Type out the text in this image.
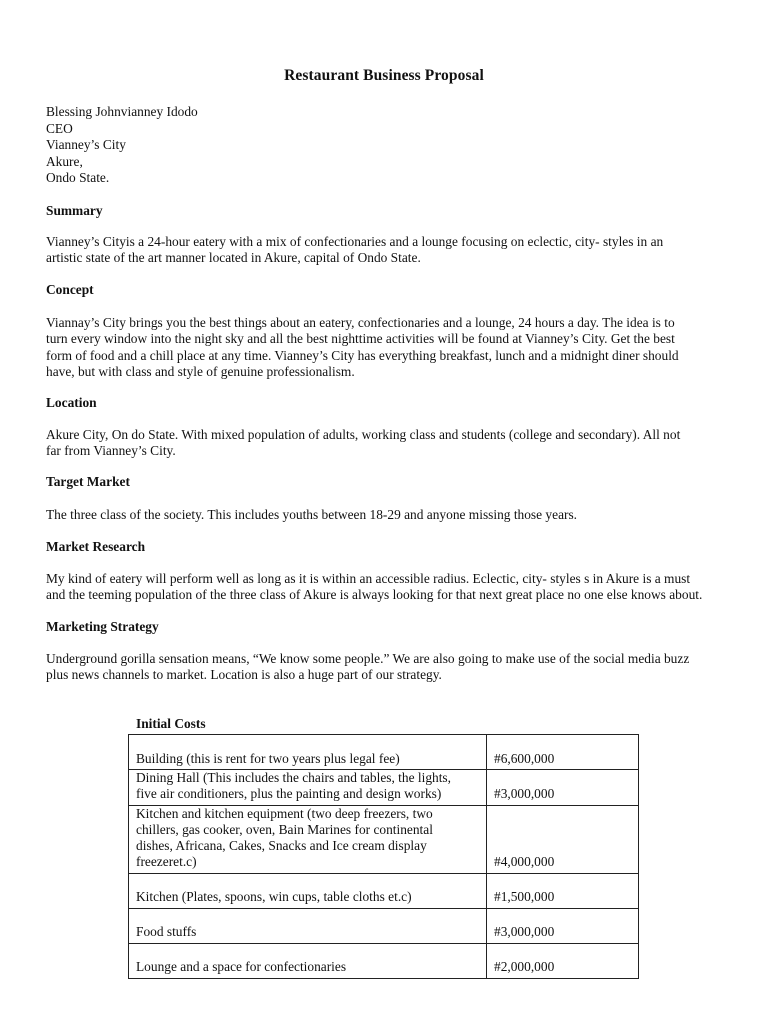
Restaurant Business Proposal
Blessing Johnvianney Idodo
CEO
Vianney’s City
Akure,
Ondo State.
Summary
Vianney’s Cityis a 24-hour eatery with a mix of confectionaries and a lounge focusing on eclectic, city- styles in an
artistic state of the art manner located in Akure, capital of Ondo State.
Concept
Viannay’s City brings you the best things about an eatery, confectionaries and a lounge, 24 hours a day. The idea is to
turn every window into the night sky and all the best nighttime activities will be found at Vianney’s City. Get the best
form of food and a chill place at any time. Vianney’s City has everything breakfast, lunch and a midnight diner should
have, but with class and style of genuine professionalism.
Location
Akure City, On do State. With mixed population of adults, working class and students (college and secondary). All not
far from Vianney’s City.
Target Market
The three class of the society. This includes youths between 18-29 and anyone missing those years.
Market Research
My kind of eatery will perform well as long as it is within an accessible radius. Eclectic, city- styles s in Akure is a must
and the teeming population of the three class of Akure is always looking for that next great place no one else knows about.
Marketing Strategy
Underground gorilla sensation means, “We know some people.” We are also going to make use of the social media buzz
plus news channels to market. Location is also a huge part of our strategy.
Initial Costs
Building (this is rent for two years plus legal fee)	#6,600,000

Dining Hall (This includes the chairs and tables, the lights,
five air conditioners, plus the painting and design works)	#3,000,000

Kitchen and kitchen equipment (two deep freezers, two
chillers, gas cooker, oven, Bain Marines for continental
dishes, Africana, Cakes, Snacks and Ice cream display
freezeret.c)	#4,000,000

Kitchen (Plates, spoons, win cups, table cloths et.c)	#1,500,000

Food stuffs	#3,000,000

Lounge and a space for confectionaries	#2,000,000
